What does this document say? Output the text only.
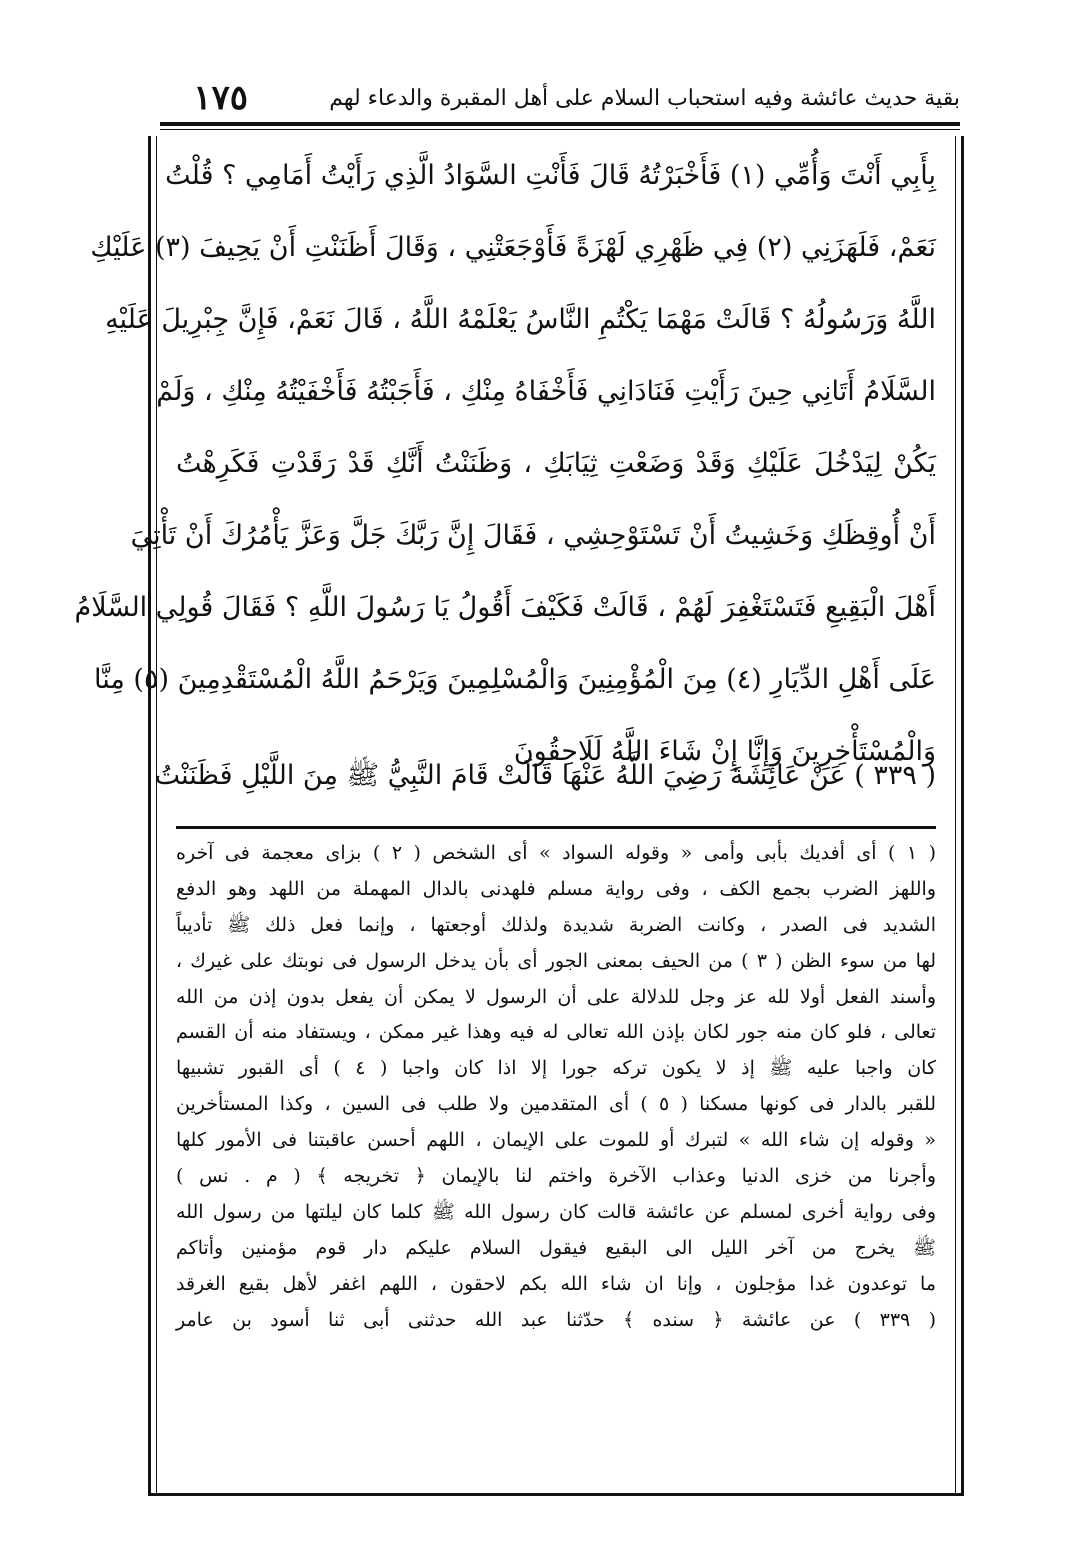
بقية حديث عائشة وفيه استحباب السلام على أهل المقبرة والدعاء لهم
١٧٥
بِأَبِي أَنْتَ وَأُمِّي (١) فَأَخْبَرْتُهُ قَالَ فَأَنْتِ السَّوَادُ الَّذِي رَأَيْتُ أَمَامِي ؟ قُلْتُ
نَعَمْ، فَلَهَزَنِي (٢) فِي ظَهْرِي لَهْزَةً فَأَوْجَعَتْنِي ، وَقَالَ أَظَنَنْتِ أَنْ يَحِيفَ (٣) عَلَيْكِ
اللَّهُ وَرَسُولُهُ ؟ قَالَتْ مَهْمَا يَكْتُمِ النَّاسُ يَعْلَمْهُ اللَّهُ ، قَالَ نَعَمْ، فَإِنَّ جِبْرِيلَ عَلَيْهِ
السَّلَامُ أَتَانِي حِينَ رَأَيْتِ فَنَادَانِي فَأَخْفَاهُ مِنْكِ ، فَأَجَبْتُهُ فَأَخْفَيْتُهُ مِنْكِ ، وَلَمْ
يَكُنْ لِيَدْخُلَ عَلَيْكِ وَقَدْ وَضَعْتِ ثِيَابَكِ ، وَظَنَنْتُ أَنَّكِ قَدْ رَقَدْتِ فَكَرِهْتُ
أَنْ أُوقِظَكِ وَخَشِيتُ أَنْ تَسْتَوْحِشِي ، فَقَالَ إِنَّ رَبَّكَ جَلَّ وَعَزَّ يَأْمُرُكَ أَنْ تَأْتِيَ
أَهْلَ الْبَقِيعِ فَتَسْتَغْفِرَ لَهُمْ ، قَالَتْ فَكَيْفَ أَقُولُ يَا رَسُولَ اللَّهِ ؟ فَقَالَ قُولِي السَّلَامُ
عَلَى أَهْلِ الدِّيَارِ (٤) مِنَ الْمُؤْمِنِينَ وَالْمُسْلِمِينَ وَيَرْحَمُ اللَّهُ الْمُسْتَقْدِمِينَ (٥) مِنَّا
وَالْمُسْتَأْخِرِينَ وَإِنَّا إِنْ شَاءَ اللَّهُ لَلَاحِقُونَ
( ٣٣٩ ) عَنْ عَائِشَةَ رَضِيَ اللَّهُ عَنْهَا قَالَتْ قَامَ النَّبِيُّ ﷺ مِنَ اللَّيْلِ فَظَنَنْتُ
( ١ ) أى أفديك بأبى وأمى « وقوله السواد » أى الشخص ( ٢ ) بزاى معجمة فى آخره
واللهز الضرب بجمع الكف ، وفى رواية مسلم فلهدنى بالدال المهملة من اللهد وهو الدفع
الشديد فى الصدر ، وكانت الضربة شديدة ولذلك أوجعتها ، وإنما فعل ذلك ﷺ تأديباً
لها من سوء الظن ( ٣ ) من الحيف بمعنى الجور أى بأن يدخل الرسول فى نوبتك على غيرك ،
وأسند الفعل أولا لله عز وجل للدلالة على أن الرسول لا يمكن أن يفعل بدون إذن من الله
تعالى ، فلو كان منه جور لكان بإذن الله تعالى له فيه وهذا غير ممكن ، ويستفاد منه أن القسم
كان واجبا عليه ﷺ إذ لا يكون تركه جورا إلا اذا كان واجبا ( ٤ ) أى القبور تشبيها
للقبر بالدار فى كونها مسكنا ( ٥ ) أى المتقدمين ولا طلب فى السين ، وكذا المستأخرين
« وقوله إن شاء الله » لتبرك أو للموت على الإيمان ، اللهم أحسن عاقبتنا فى الأمور كلها
وأجرنا من خزى الدنيا وعذاب الآخرة واختم لنا بالإيمان ﴿ تخريجه ﴾ ( م . نس )
وفى رواية أخرى لمسلم عن عائشة قالت كان رسول الله ﷺ كلما كان ليلتها من رسول الله
ﷺ يخرج من آخر الليل الى البقيع فيقول السلام عليكم دار قوم مؤمنين وأتاكم
ما توعدون غدا مؤجلون ، وإنا ان شاء الله بكم لاحقون ، اللهم اغفر لأهل بقيع الغرقد
( ٣٣٩ ) عن عائشة ﴿ سنده ﴾ حدّثنا عبد الله حدثنى أبى ثنا أسود بن عامر
